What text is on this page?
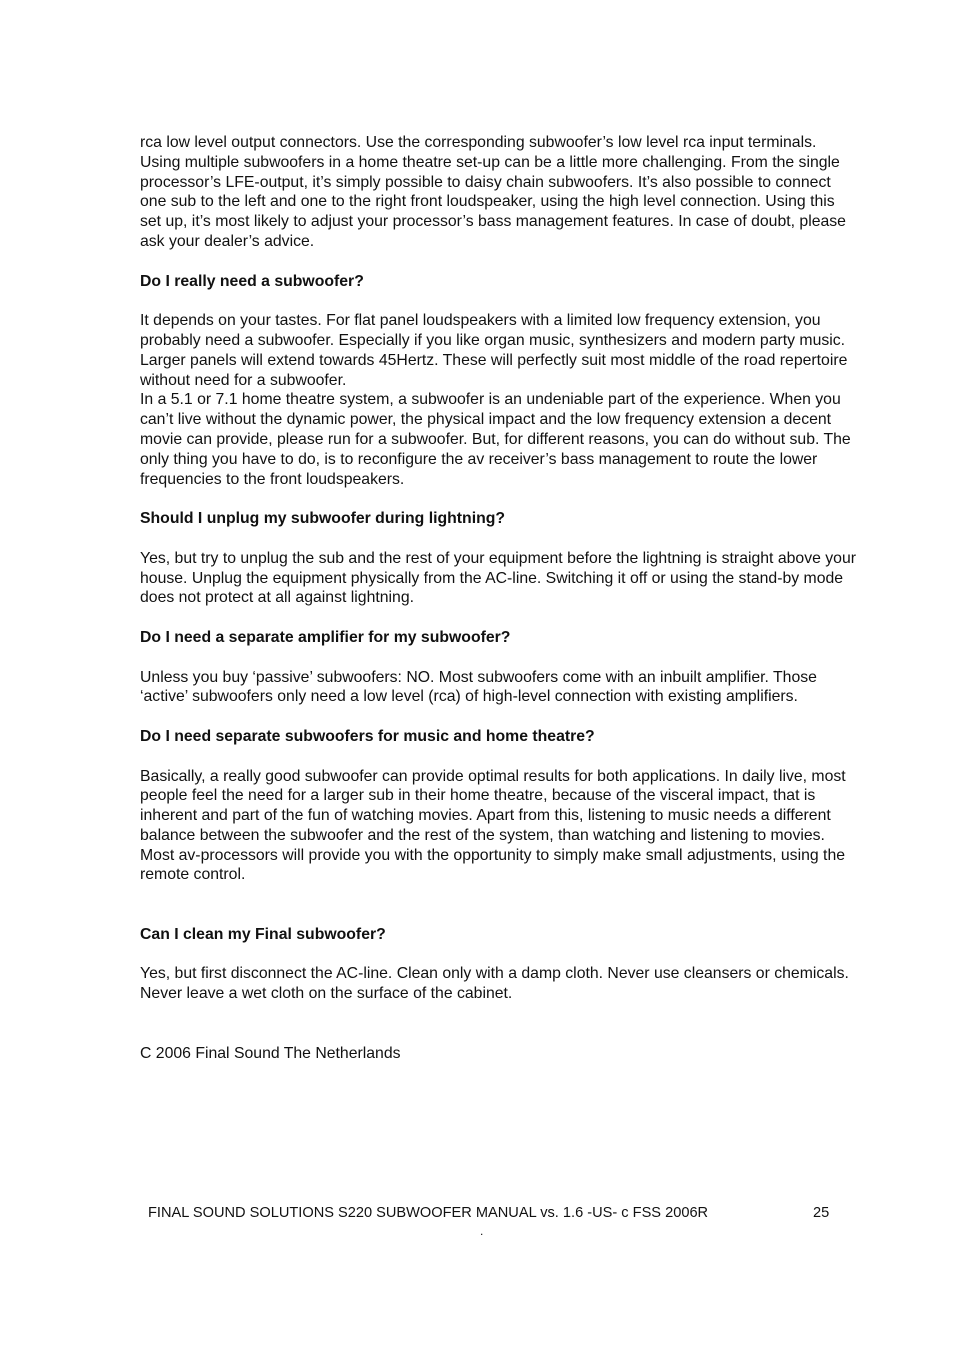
rca low level output connectors. Use the corresponding subwoofer’s low level rca input terminals.

Using multiple subwoofers in a home theatre set-up can be a little more challenging. From the single processor’s LFE-output, it’s simply possible to daisy chain subwoofers. It’s also possible to connect one sub to the left and one to the right front loudspeaker, using the high level connection. Using this set up, it’s most likely to adjust your processor’s bass management features. In case of doubt, please ask your dealer’s advice.

Do I really need a subwoofer?

It depends on your tastes. For flat panel loudspeakers with a limited low frequency extension, you probably need a subwoofer. Especially if you like organ music, synthesizers and modern party music. Larger panels will extend towards 45Hertz. These will perfectly suit most middle of the road repertoire without need for a subwoofer.

In a 5.1 or 7.1 home theatre system, a subwoofer is an undeniable part of the experience. When you can’t live without the dynamic power, the physical impact and the low frequency extension a decent movie can provide, please run for a subwoofer. But, for different reasons, you can do without sub. The only thing you have to do, is to reconfigure the av receiver’s bass management to route the lower frequencies to the front loudspeakers.

Should I unplug my subwoofer during lightning?

Yes, but try to unplug the sub and the rest of your equipment before the lightning is straight above your house. Unplug the equipment physically from the AC-line. Switching it off or using the stand-by mode does not protect at all against lightning.

Do I need a separate amplifier for my subwoofer?

Unless you buy ‘passive’ subwoofers: NO. Most subwoofers come with an inbuilt amplifier. Those ‘active’ subwoofers only need a low level (rca) of high-level connection with existing amplifiers.

Do I need separate subwoofers for music and home theatre?

Basically, a really good subwoofer can provide optimal results for both applications. In daily live, most people feel the need for a larger sub in their home theatre, because of the visceral impact, that is inherent and part of the fun of watching movies. Apart from this, listening to music needs a different balance between the subwoofer and the rest of the system, than watching and listening to movies. Most av-processors will provide you with the opportunity to simply make small adjustments, using the remote control.

Can I clean my Final subwoofer?

Yes, but first disconnect the AC-line. Clean only with a damp cloth. Never use cleansers or chemicals. Never leave a wet cloth on the surface of the cabinet.

C 2006 Final Sound The Netherlands

FINAL SOUND SOLUTIONS S220 SUBWOOFER MANUAL vs. 1.6 -US- c FSS 2006R	25
.
